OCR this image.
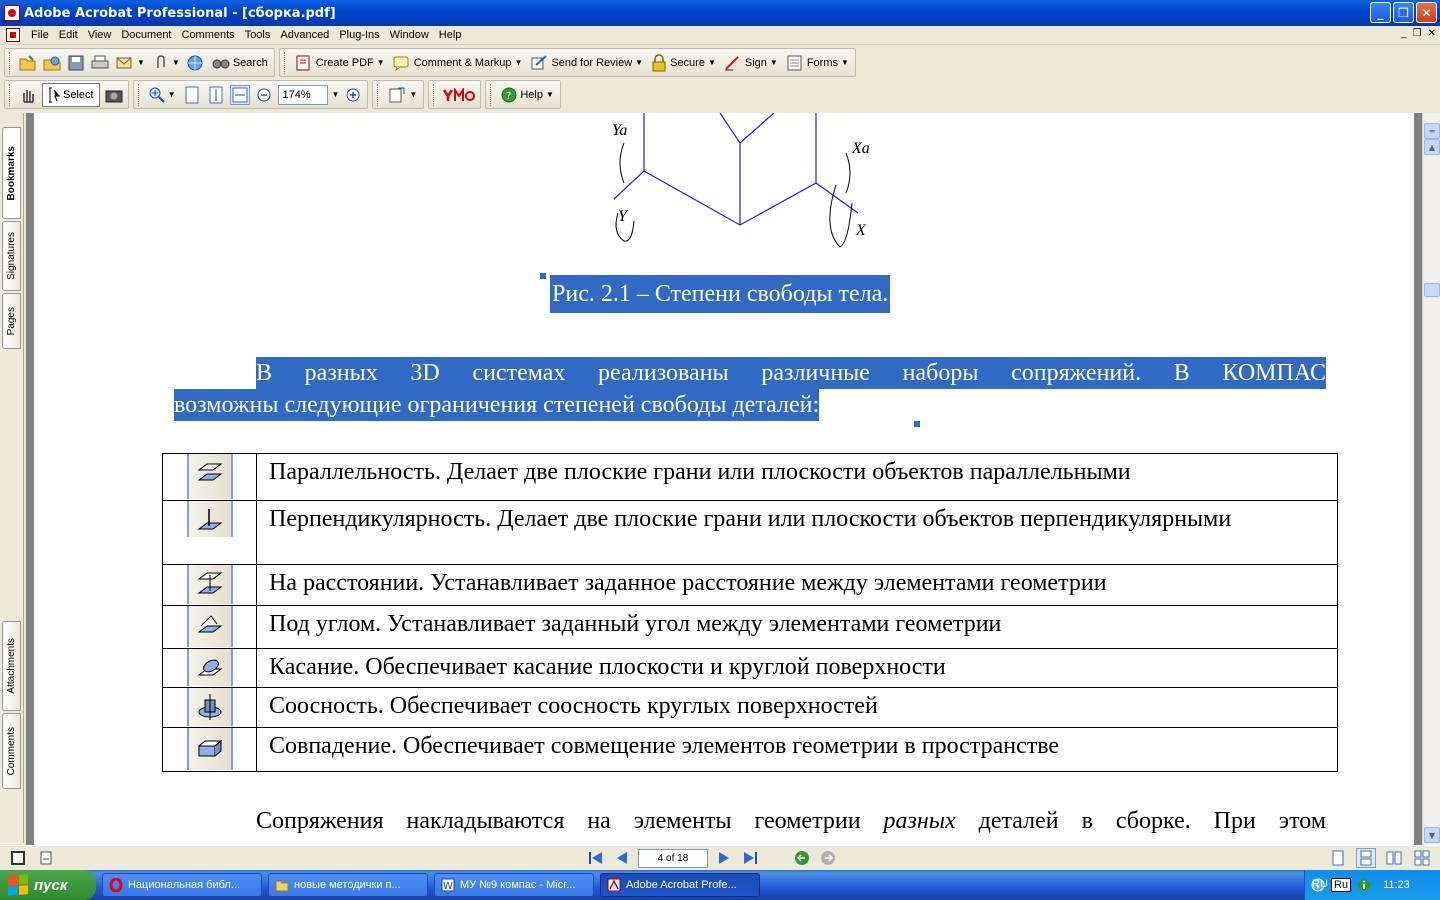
Adobe Acrobat Professional - [сборка.pdf]	_	❐	✕
File Edit View Document Comments Tools Advanced Plug-Ins Window Help	_ ❐ ✕
▼	▼	Search	Create PDF ▼	Comment & Markup ▼	Send for Review ▼ Secure ▼	Sign ▼	Forms ▼
Select	▼	174%	▼	▼	? Help ▼
Bookmarks
Signatures
Pages
Attachments
Comments
Ya
Xa
Y
X
Рис. 2.1 – Степени свободы тела.
В разных 3D системах реализованы различные наборы сопряжений. В КОМПАС
возможны следующие ограничения степеней свободы деталей:
	Параллельность. Делает две плоские грани или плоскости объектов параллельными

	Перпендикулярность. Делает две плоские грани или плоскости объектов перпендикулярными

	На расстоянии. Устанавливает заданное расстояние между элементами геометрии

	Под углом. Устанавливает заданный угол между элементами геометрии

	Касание. Обеспечивает касание плоскости и круглой поверхности

	Соосность. Обеспечивает соосность круглых поверхностей

	Совпадение. Обеспечивает совмещение элементов геометрии в пространстве
Сопряжения накладываются на элементы геометрии разных деталей в сборке. При этом
═
▲
▼
4 of 18
пуск	Национальная библ...	новые методички п...	W МУ №9 компас - Micr...	Adobe Acrobat Profe...	Ru	11:23
RU
